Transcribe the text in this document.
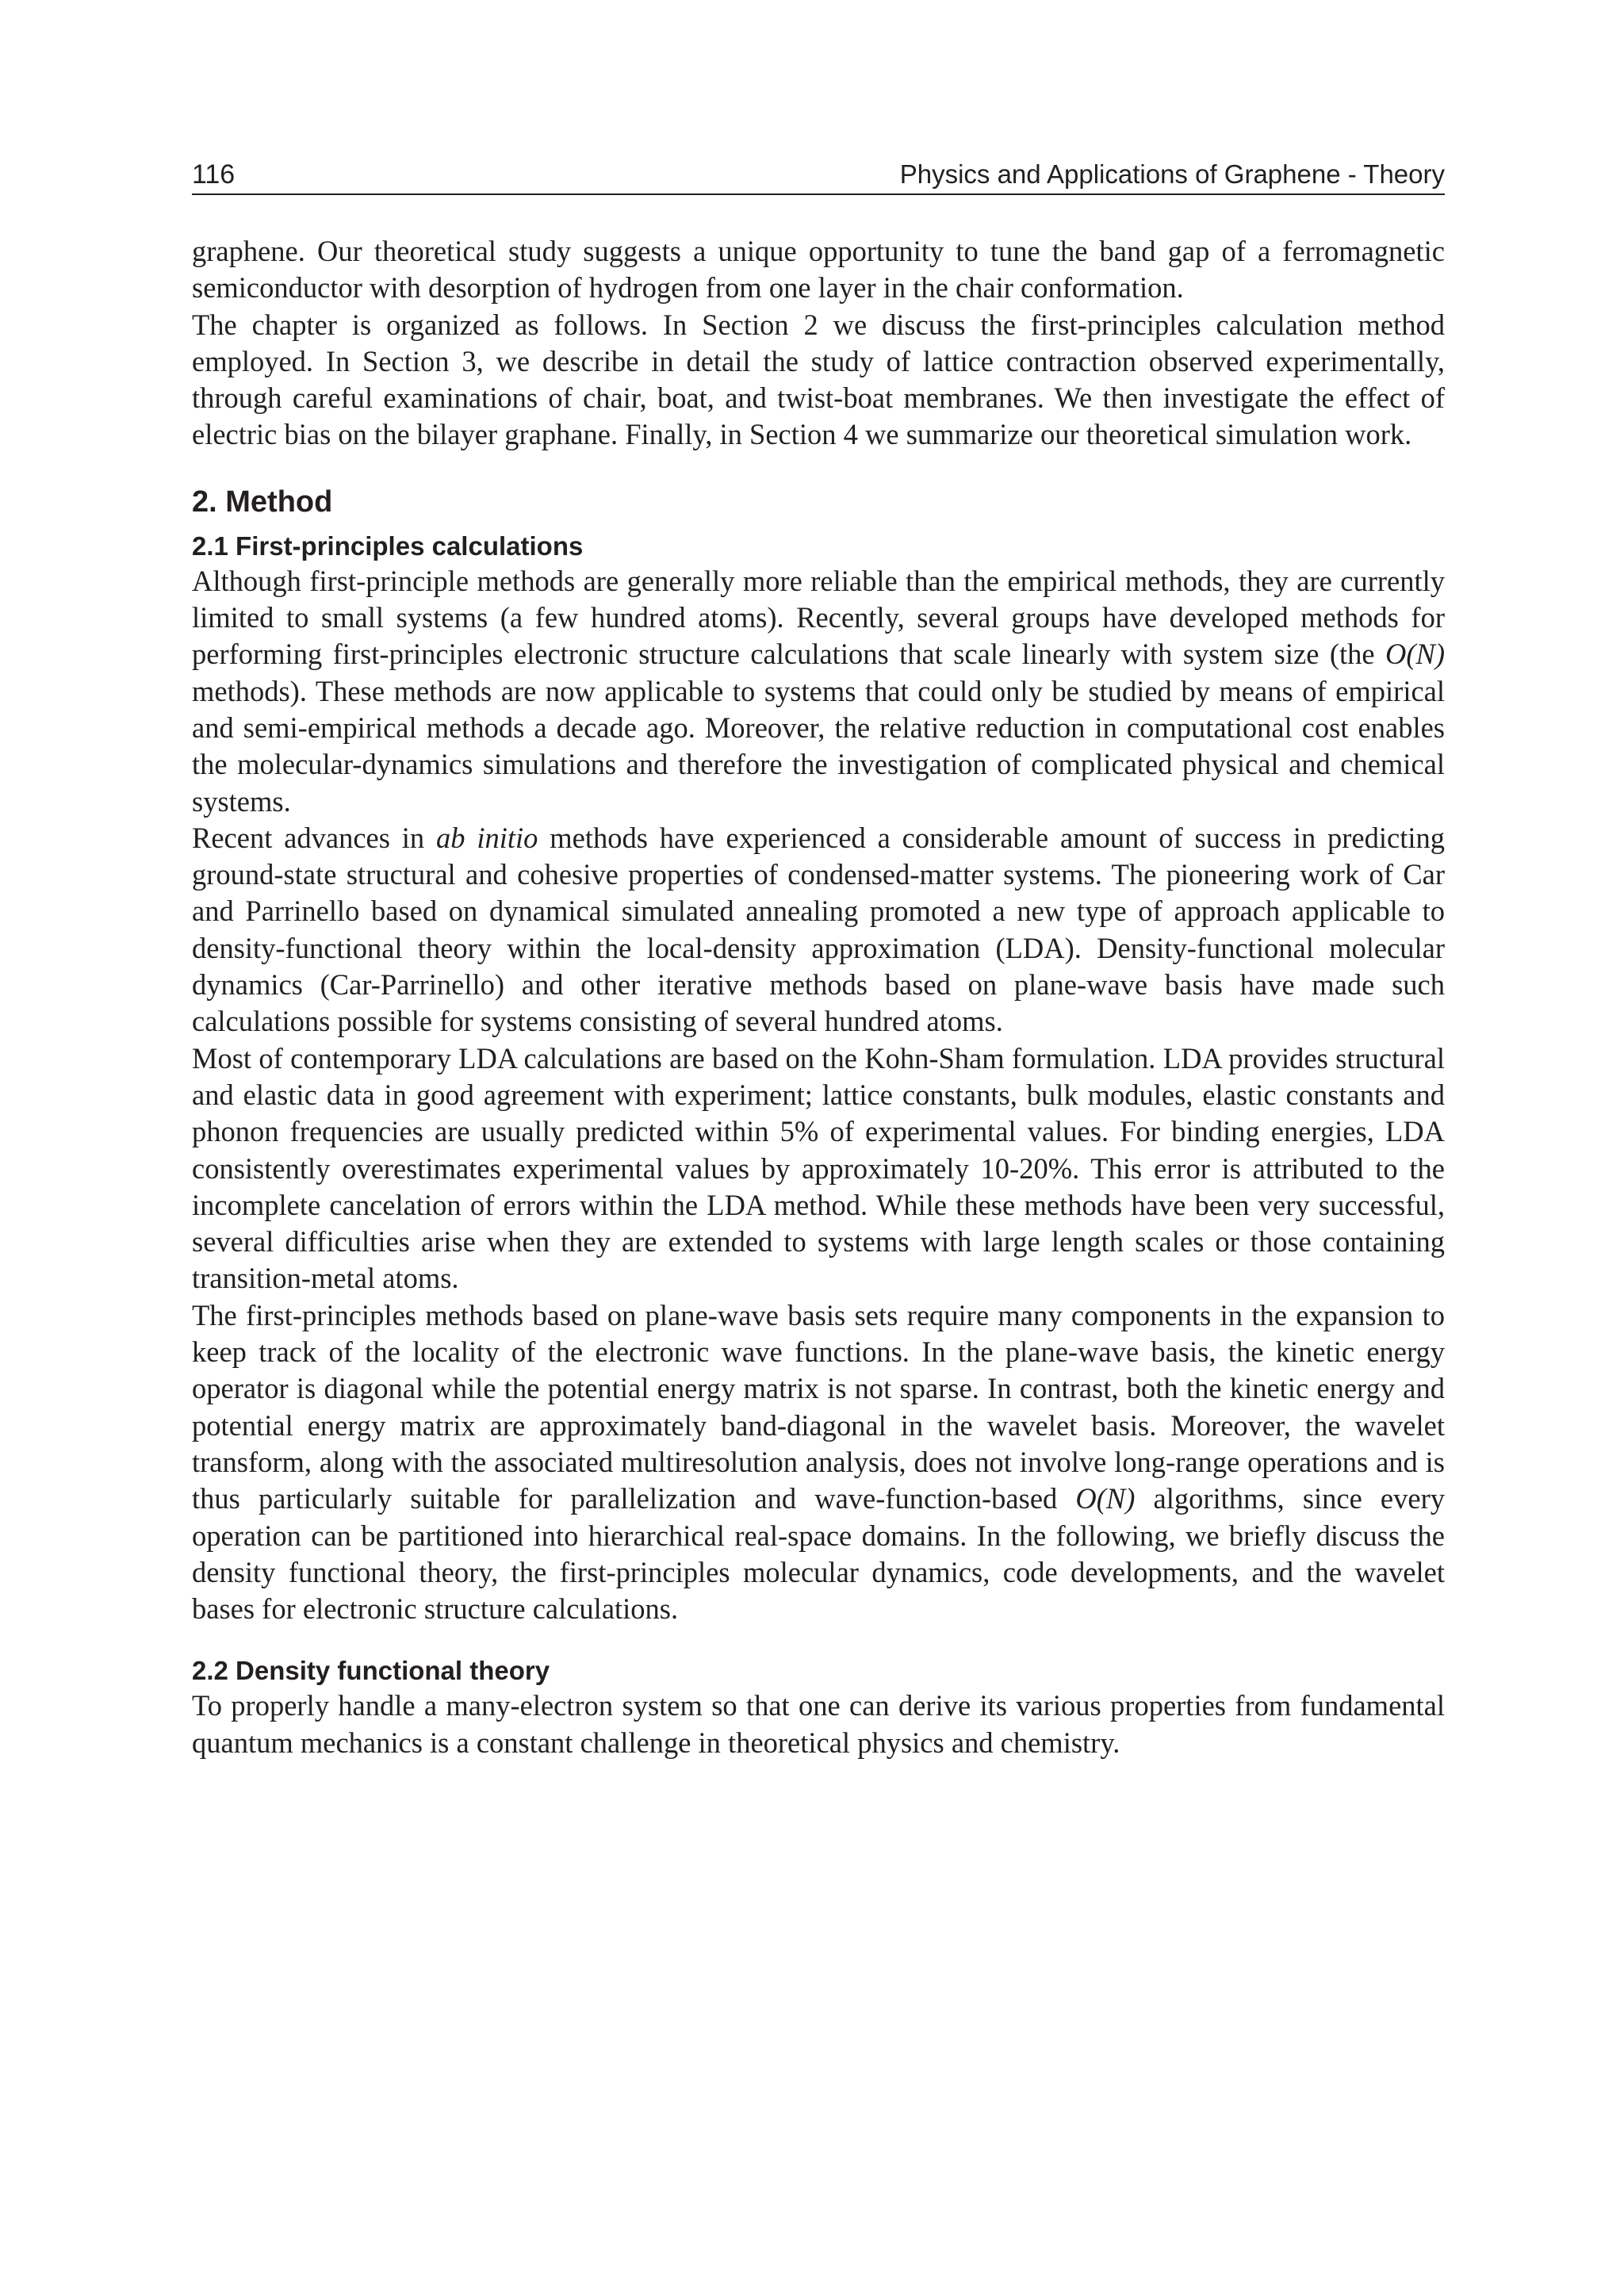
116	Physics and Applications of Graphene - Theory

graphene. Our theoretical study suggests a unique opportunity to tune the band gap of a ferromagnetic semiconductor with desorption of hydrogen from one layer in the chair conformation.

The chapter is organized as follows. In Section 2 we discuss the first-principles calculation method employed. In Section 3, we describe in detail the study of lattice contraction observed experimentally, through careful examinations of chair, boat, and twist-boat membranes. We then investigate the effect of electric bias on the bilayer graphane. Finally, in Section 4 we summarize our theoretical simulation work.

2. Method
2.1 First-principles calculations

Although first-principle methods are generally more reliable than the empirical methods, they are currently limited to small systems (a few hundred atoms). Recently, several groups have developed methods for performing first-principles electronic structure calculations that scale linearly with system size (the O(N) methods). These methods are now applicable to systems that could only be studied by means of empirical and semi-empirical methods a decade ago. Moreover, the relative reduction in computational cost enables the molecular-dynamics simulations and therefore the investigation of complicated physical and chemical systems.

Recent advances in ab initio methods have experienced a considerable amount of success in predicting ground-state structural and cohesive properties of condensed-matter systems. The pioneering work of Car and Parrinello based on dynamical simulated annealing promoted a new type of approach applicable to density-functional theory within the local-density approximation (LDA). Density-functional molecular dynamics (Car-Parrinello) and other iterative methods based on plane-wave basis have made such calculations possible for systems consisting of several hundred atoms.

Most of contemporary LDA calculations are based on the Kohn-Sham formulation. LDA provides structural and elastic data in good agreement with experiment; lattice constants, bulk modules, elastic constants and phonon frequencies are usually predicted within 5% of experimental values. For binding energies, LDA consistently overestimates experimental values by approximately 10-20%. This error is attributed to the incomplete cancelation of errors within the LDA method. While these methods have been very successful, several difficulties arise when they are extended to systems with large length scales or those containing transition-metal atoms.

The first-principles methods based on plane-wave basis sets require many components in the expansion to keep track of the locality of the electronic wave functions. In the plane-wave basis, the kinetic energy operator is diagonal while the potential energy matrix is not sparse. In contrast, both the kinetic energy and potential energy matrix are approximately band-diagonal in the wavelet basis. Moreover, the wavelet transform, along with the associated multiresolution analysis, does not involve long-range operations and is thus particularly suitable for parallelization and wave-function-based O(N) algorithms, since every operation can be partitioned into hierarchical real-space domains. In the following, we briefly discuss the density functional theory, the first-principles molecular dynamics, code developments, and the wavelet bases for electronic structure calculations.

2.2 Density functional theory

To properly handle a many-electron system so that one can derive its various properties from fundamental quantum mechanics is a constant challenge in theoretical physics and chemistry.
